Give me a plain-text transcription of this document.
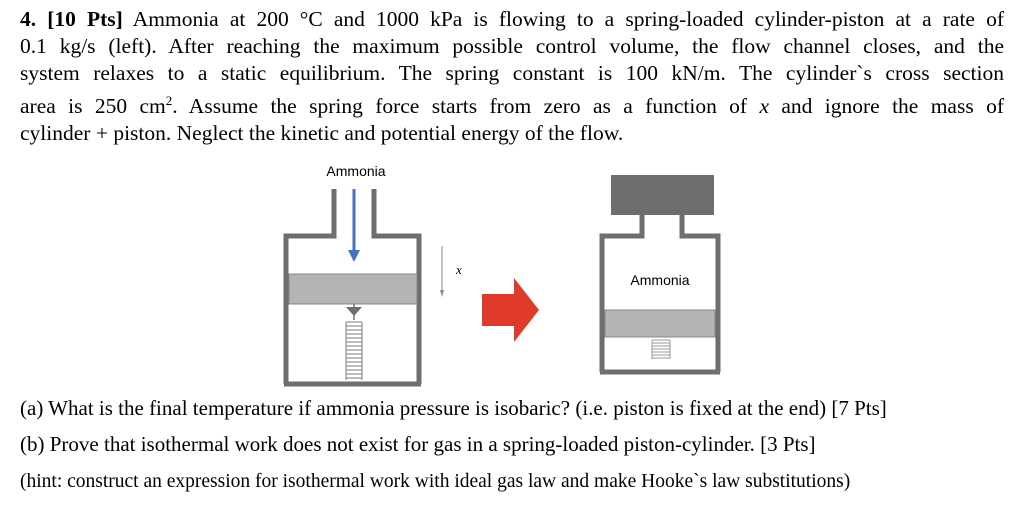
4. [10 Pts] Ammonia at 200 °C and 1000 kPa is flowing to a spring-loaded cylinder-piston at a rate of
0.1 kg/s (left). After reaching the maximum possible control volume, the flow channel closes, and the
system relaxes to a static equilibrium. The spring constant is 100 kN/m. The cylinder`s cross section
area is 250 $cm^2$. Assume the spring force starts from zero as a function of x and ignore the mass of
cylinder + piston. Neglect the kinetic and potential energy of the flow.
Ammonia
x
Ammonia
(a) What is the final temperature if ammonia pressure is isobaric? (i.e. piston is fixed at the end) [7 Pts]
(b) Prove that isothermal work does not exist for gas in a spring-loaded piston-cylinder. [3 Pts]
(hint: construct an expression for isothermal work with ideal gas law and make Hooke`s law substitutions)
